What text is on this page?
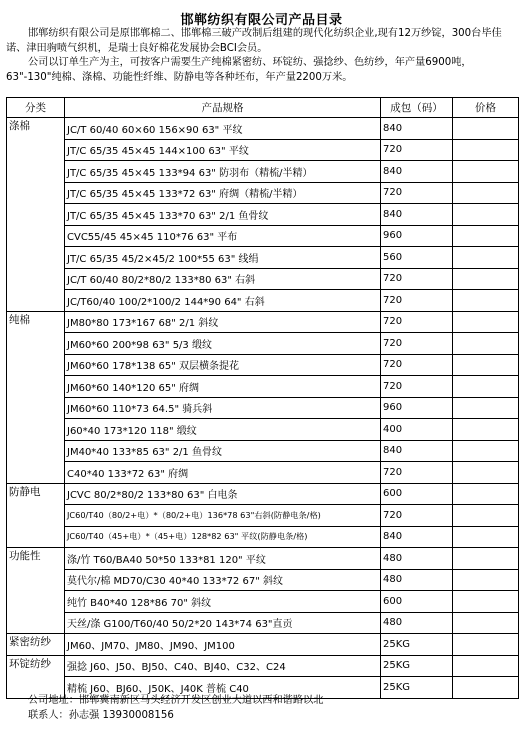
邯郸纺织有限公司产品目录

邯郸纺织有限公司是原邯郸棉二、邯郸棉三破产改制后组建的现代化纺织企业,现有12万纱锭，300台毕佳诺、津田驹喷气织机，是瑞士良好棉花发展协会BCI会员。

公司以订单生产为主，可按客户需要生产纯棉紧密纺、环锭纺、强捻纱、色纺纱，年产量6900吨，63"-130"纯棉、涤棉、功能性纤维、防静电等各种坯布，年产量2200万米。

分类	产品规格	成包（码）	价格
涤棉	JC/T 60/40 60×60 156×90 63" 平纹	840	
	JT/C 65/35 45×45 144×100 63" 平纹	720	
	JT/C 65/35 45×45 133*94 63" 防羽布（精梳/半精）	840	
	JT/C 65/35 45×45 133*72 63" 府绸（精梳/半精）	720	
	JT/C 65/35 45×45 133*70 63" 2/1 鱼骨纹	840	
	CVC55/45 45×45 110*76 63" 平布	960	
	JT/C 65/35 45/2×45/2 100*55 63" 线绢	560	
	JC/T 60/40 80/2*80/2 133*80 63" 右斜	720	
	JC/T60/40 100/2*100/2 144*90 64" 右斜	720	
纯棉	JM80*80 173*167 68" 2/1 斜纹	720	
	JM60*60 200*98 63" 5/3 缎纹	720	
	JM60*60 178*138 65" 双层横条提花	720	
	JM60*60 140*120 65" 府绸	720	
	JM60*60 110*73 64.5" 骑兵斜	960	
	J60*40 173*120 118" 缎纹	400	
	JM40*40 133*85 63" 2/1 鱼骨纹	840	
	C40*40 133*72 63" 府绸	720	
防静电	JCVC 80/2*80/2 133*80 63" 白电条	600	
	JC60/T40（80/2+电）*（80/2+电）136*78 63"右斜(防静电条/格)	720	
	JC60/T40（45+电）*（45+电）128*82 63" 平纹(防静电条/格)	840	
功能性	涤/竹 T60/BA40 50*50 133*81 120" 平纹	480	
	莫代尔/棉 MD70/C30 40*40 133*72 67" 斜纹	480	
	纯竹 B40*40 128*86 70" 斜纹	600	
	天丝/涤 G100/T60/40 50/2*20 143*74 63"直贡	480	
紧密纺纱	JM60、JM70、JM80、JM90、JM100	25KG	
环锭纺纱	强捻 J60、J50、BJ50、C40、BJ40、C32、C24	25KG	
	精梳 J60、BJ60、J50K、J40K 普梳 C40	25KG	
公司地址：邯郸冀南新区马头经济开发区创业大道以西和谐路以北
联系人：孙志强 13930008156
